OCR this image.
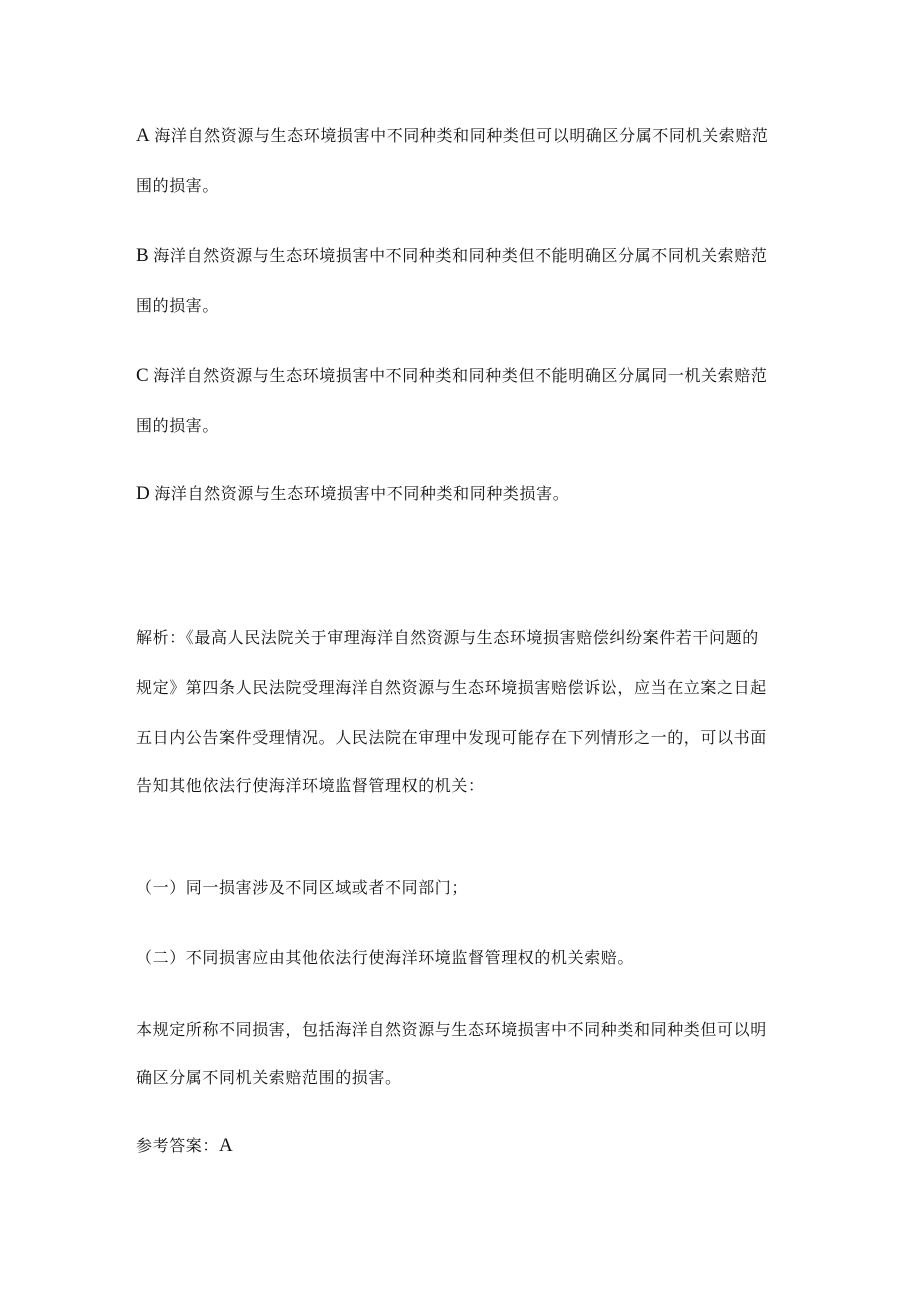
A 海洋自然资源与生态环境损害中不同种类和同种类但可以明确区分属不同机关索赔范
围的损害。
B 海洋自然资源与生态环境损害中不同种类和同种类但不能明确区分属不同机关索赔范
围的损害。
C 海洋自然资源与生态环境损害中不同种类和同种类但不能明确区分属同一机关索赔范
围的损害。
D 海洋自然资源与生态环境损害中不同种类和同种类损害。
解析：《最高人民法院关于审理海洋自然资源与生态环境损害赔偿纠纷案件若干问题的
规定》第四条人民法院受理海洋自然资源与生态环境损害赔偿诉讼，应当在立案之日起
五日内公告案件受理情况。人民法院在审理中发现可能存在下列情形之一的，可以书面
告知其他依法行使海洋环境监督管理权的机关：
（一）同一损害涉及不同区域或者不同部门；
（二）不同损害应由其他依法行使海洋环境监督管理权的机关索赔。
本规定所称不同损害，包括海洋自然资源与生态环境损害中不同种类和同种类但可以明
确区分属不同机关索赔范围的损害。
参考答案：A
